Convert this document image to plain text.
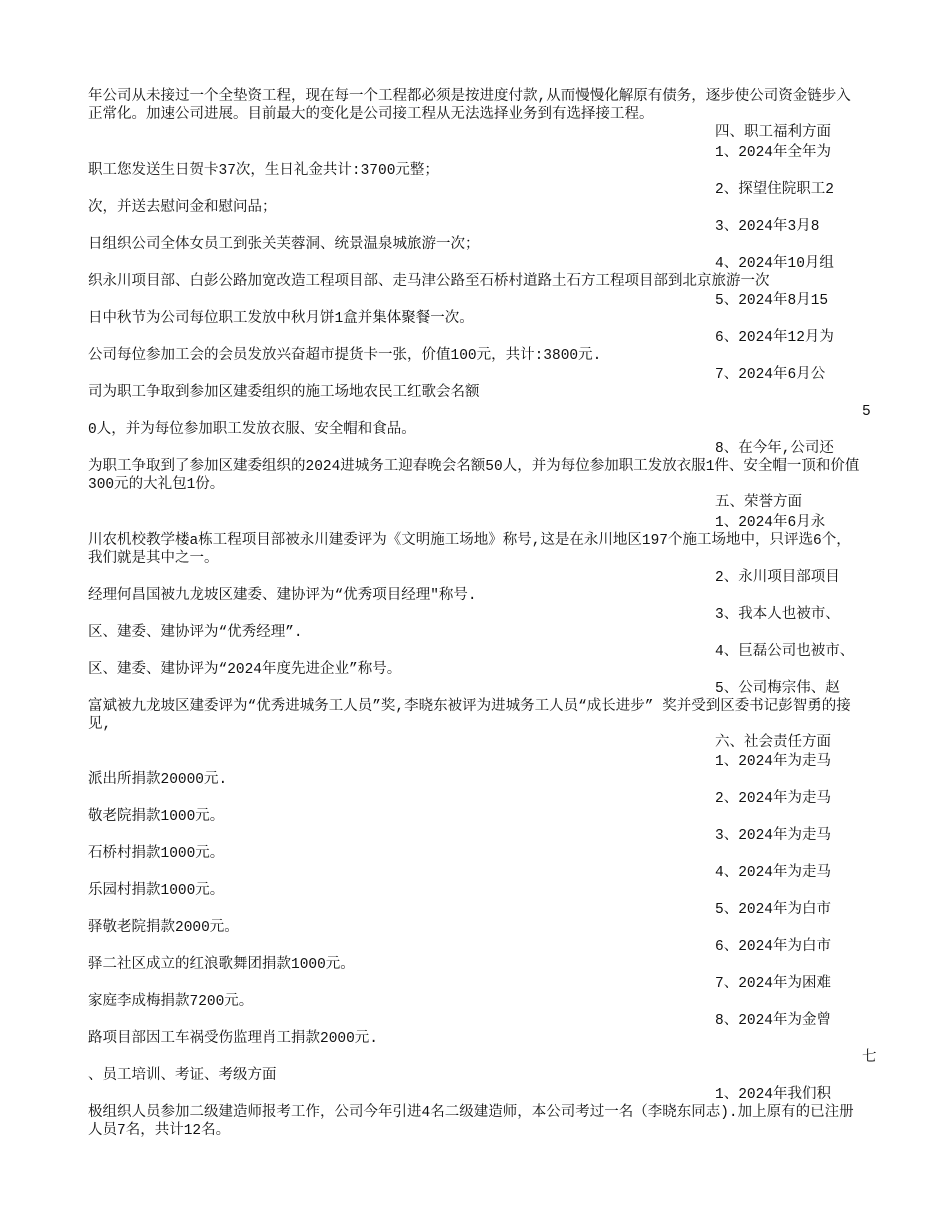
年公司从未接过一个全垫资工程，现在每一个工程都必须是按进度付款,从而慢慢化解原有债务，逐步使公司资金链步入正常化。加速公司进展。目前最大的变化是公司接工程从无法选择业务到有选择接工程。
四、职工福利方面
1、2024年全年为
职工您发送生日贺卡37次，生日礼金共计:3700元整；
2、探望住院职工2
次，并送去慰问金和慰问品；
3、2024年3月8
日组织公司全体女员工到张关芙蓉洞、统景温泉城旅游一次；
4、2024年10月组
织永川项目部、白彭公路加宽改造工程项目部、走马津公路至石桥村道路土石方工程项目部到北京旅游一次
5、2024年8月15
日中秋节为公司每位职工发放中秋月饼1盒并集体聚餐一次。
6、2024年12月为
公司每位参加工会的会员发放兴奋超市提货卡一张，价值100元，共计:3800元.
7、2024年6月公
司为职工争取到参加区建委组织的施工场地农民工红歌会名额
5
0人，并为每位参加职工发放衣服、安全帽和食品。
8、在今年,公司还
为职工争取到了参加区建委组织的2024进城务工迎春晚会名额50人，并为每位参加职工发放衣服1件、安全帽一顶和价值300元的大礼包1份。
五、荣誉方面
1、2024年6月永
川农机校教学楼a栋工程项目部被永川建委评为《文明施工场地》称号,这是在永川地区197个施工场地中，只评选6个，我们就是其中之一。
2、永川项目部项目
经理何昌国被九龙坡区建委、建协评为“优秀项目经理"称号.
3、我本人也被市、
区、建委、建协评为“优秀经理”.
4、巨磊公司也被市、
区、建委、建协评为“2024年度先进企业”称号。
5、公司梅宗伟、赵
富斌被九龙坡区建委评为“优秀进城务工人员”奖,李晓东被评为进城务工人员“成长进步” 奖并受到区委书记彭智勇的接见,
六、社会责任方面
1、2024年为走马
派出所捐款20000元.
2、2024年为走马
敬老院捐款1000元。
3、2024年为走马
石桥村捐款1000元。
4、2024年为走马
乐园村捐款1000元。
5、2024年为白市
驿敬老院捐款2000元。
6、2024年为白市
驿二社区成立的红浪歌舞团捐款1000元。
7、2024年为困难
家庭李成梅捐款7200元。
8、2024年为金曾
路项目部因工车祸受伤监理肖工捐款2000元.
七
、员工培训、考证、考级方面
1、2024年我们积
极组织人员参加二级建造师报考工作，公司今年引进4名二级建造师，本公司考过一名（李晓东同志).加上原有的已注册人员7名，共计12名。
